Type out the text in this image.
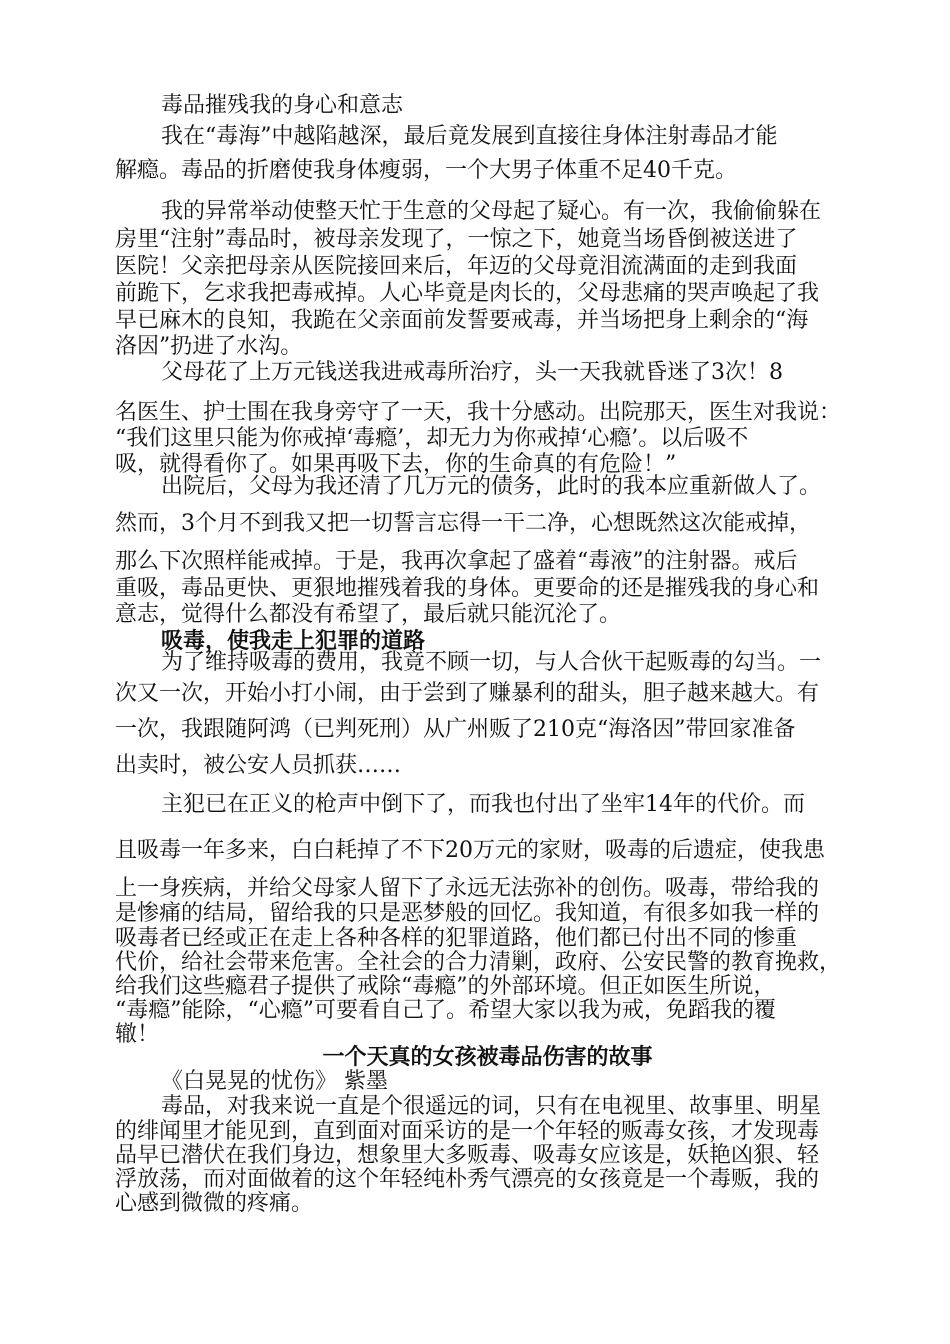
毒品摧残我的身心和意志
我在“毒海”中越陷越深，最后竟发展到直接往身体注射毒品才能
解瘾。毒品的折磨使我身体瘦弱，一个大男子体重不足40千克。
我的异常举动使整天忙于生意的父母起了疑心。有一次，我偷偷躲在
房里“注射”毒品时，被母亲发现了，一惊之下，她竟当场昏倒被送进了
医院！父亲把母亲从医院接回来后，年迈的父母竟泪流满面的走到我面
前跪下，乞求我把毒戒掉。人心毕竟是肉长的，父母悲痛的哭声唤起了我
早已麻木的良知，我跪在父亲面前发誓要戒毒，并当场把身上剩余的“海
洛因”扔进了水沟。
父母花了上万元钱送我进戒毒所治疗，头一天我就昏迷了3次！8
名医生、护士围在我身旁守了一天，我十分感动。出院那天，医生对我说：
“我们这里只能为你戒掉‘毒瘾’，却无力为你戒掉‘心瘾’。以后吸不
吸，就得看你了。如果再吸下去，你的生命真的有危险！”
出院后，父母为我还清了几万元的债务，此时的我本应重新做人了。
然而，3个月不到我又把一切誓言忘得一干二净，心想既然这次能戒掉，
那么下次照样能戒掉。于是，我再次拿起了盛着“毒液”的注射器。戒后
重吸，毒品更快、更狠地摧残着我的身体。更要命的还是摧残我的身心和
意志，觉得什么都没有希望了，最后就只能沉沦了。
吸毒，使我走上犯罪的道路
为了维持吸毒的费用，我竟不顾一切，与人合伙干起贩毒的勾当。一
次又一次，开始小打小闹，由于尝到了赚暴利的甜头，胆子越来越大。有
一次，我跟随阿鸿（已判死刑）从广州贩了210克“海洛因”带回家准备
出卖时，被公安人员抓获……
主犯已在正义的枪声中倒下了，而我也付出了坐牢14年的代价。而
且吸毒一年多来，白白耗掉了不下20万元的家财，吸毒的后遗症，使我患
上一身疾病，并给父母家人留下了永远无法弥补的创伤。吸毒，带给我的
是惨痛的结局，留给我的只是恶梦般的回忆。我知道，有很多如我一样的
吸毒者已经或正在走上各种各样的犯罪道路，他们都已付出不同的惨重
代价，给社会带来危害。全社会的合力清剿，政府、公安民警的教育挽救，
给我们这些瘾君子提供了戒除“毒瘾”的外部环境。但正如医生所说，
“毒瘾”能除，“心瘾”可要看自己了。希望大家以我为戒，免蹈我的覆
辙！
一个天真的女孩被毒品伤害的故事
《白晃晃的忧伤》 紫墨
毒品，对我来说一直是个很遥远的词，只有在电视里、故事里、明星
的绯闻里才能见到，直到面对面采访的是一个年轻的贩毒女孩，才发现毒
品早已潜伏在我们身边，想象里大多贩毒、吸毒女应该是，妖艳凶狠、轻
浮放荡，而对面做着的这个年轻纯朴秀气漂亮的女孩竟是一个毒贩，我的
心感到微微的疼痛。
